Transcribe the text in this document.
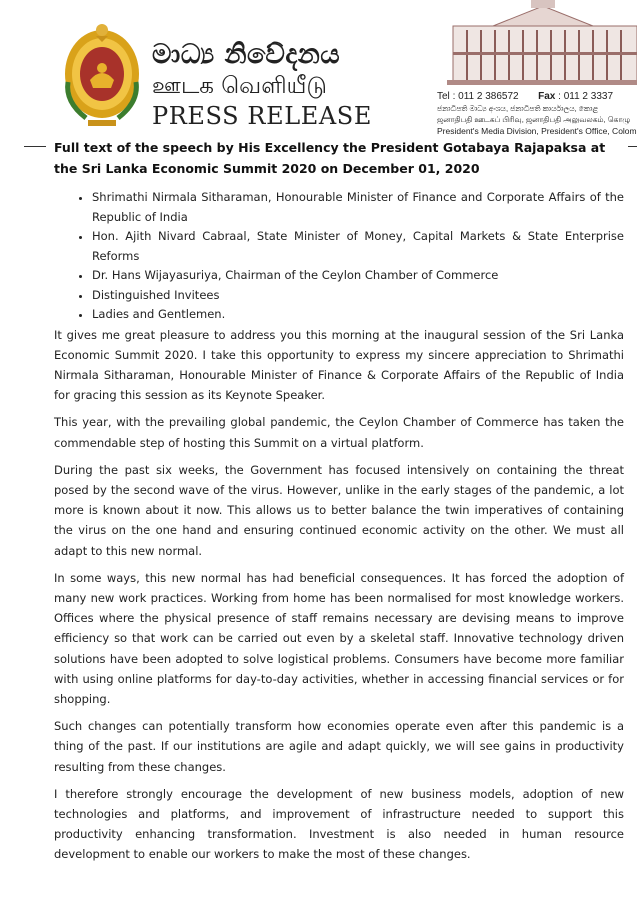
මාධ්‍ය නිවේදනය
ஊடக வெளியீடு
PRESS RELEASE
Tel : 011 2 386572 Fax : 011 2 3337
ජනාධිපති මාධ්‍ය අංශය, ජනාධිපති කාර්යාලය, කොළ
ஜனாதிபதி ஊடகப் பிரிவு, ஜனாதிபதி அலுவலகம், கொழு
President's Media Division, President's Office, Colom
Full text of the speech by His Excellency the President Gotabaya Rajapaksa at the Sri Lanka Economic Summit 2020 on December 01, 2020
• Shrimathi Nirmala Sitharaman, Honourable Minister of Finance and Corporate Affairs of the Republic of India
• Hon. Ajith Nivard Cabraal, State Minister of Money, Capital Markets & State Enterprise Reforms
• Dr. Hans Wijayasuriya, Chairman of the Ceylon Chamber of Commerce
• Distinguished Invitees
• Ladies and Gentlemen.

It gives me great pleasure to address you this morning at the inaugural session of the Sri Lanka Economic Summit 2020. I take this opportunity to express my sincere appreciation to Shrimathi Nirmala Sitharaman, Honourable Minister of Finance & Corporate Affairs of the Republic of India for gracing this session as its Keynote Speaker.

This year, with the prevailing global pandemic, the Ceylon Chamber of Commerce has taken the commendable step of hosting this Summit on a virtual platform.

During the past six weeks, the Government has focused intensively on containing the threat posed by the second wave of the virus. However, unlike in the early stages of the pandemic, a lot more is known about it now. This allows us to better balance the twin imperatives of containing the virus on the one hand and ensuring continued economic activity on the other. We must all adapt to this new normal.

In some ways, this new normal has had beneficial consequences. It has forced the adoption of many new work practices. Working from home has been normalised for most knowledge workers. Offices where the physical presence of staff remains necessary are devising means to improve efficiency so that work can be carried out even by a skeletal staff. Innovative technology driven solutions have been adopted to solve logistical problems. Consumers have become more familiar with using online platforms for day-to-day activities, whether in accessing financial services or for shopping.

Such changes can potentially transform how economies operate even after this pandemic is a thing of the past. If our institutions are agile and adapt quickly, we will see gains in productivity resulting from these changes.

I therefore strongly encourage the development of new business models, adoption of new technologies and platforms, and improvement of infrastructure needed to support this productivity enhancing transformation. Investment is also needed in human resource development to enable our workers to make the most of these changes.
